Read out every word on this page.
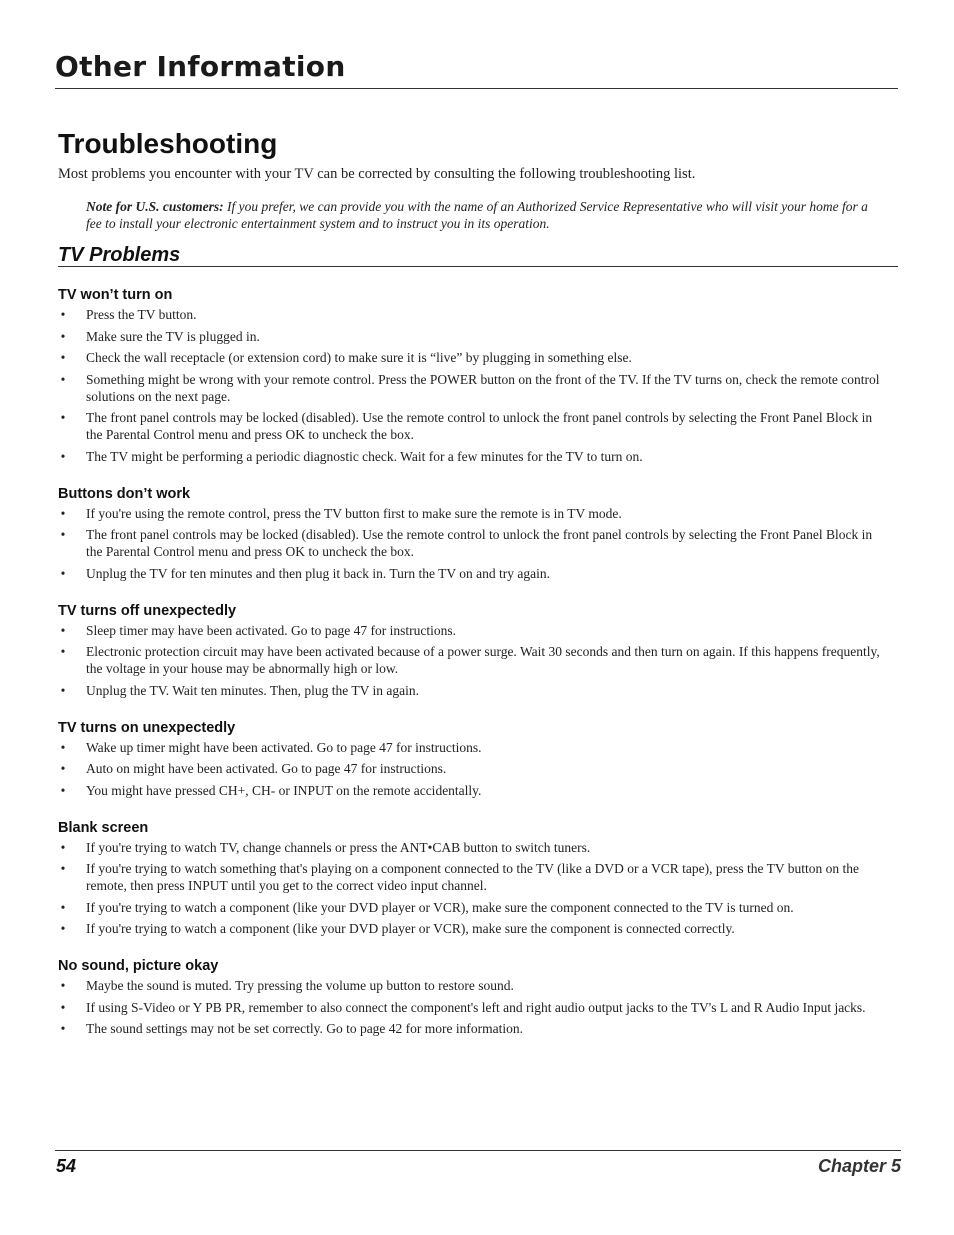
Other Information
Troubleshooting
Most problems you encounter with your TV can be corrected by consulting the following troubleshooting list.
Note for U.S. customers: If you prefer, we can provide you with the name of an Authorized Service Representative who will visit your home for a fee to install your electronic entertainment system and to instruct you in its operation.
TV Problems
TV won’t turn on
• Press the TV button.
• Make sure the TV is plugged in.
• Check the wall receptacle (or extension cord) to make sure it is “live” by plugging in something else.
• Something might be wrong with your remote control. Press the POWER button on the front of the TV. If the TV turns on, check the remote control solutions on the next page.
• The front panel controls may be locked (disabled). Use the remote control to unlock the front panel controls by selecting the Front Panel Block in the Parental Control menu and press OK to uncheck the box.
• The TV might be performing a periodic diagnostic check. Wait for a few minutes for the TV to turn on.
Buttons don’t work
• If you're using the remote control, press the TV button first to make sure the remote is in TV mode.
• The front panel controls may be locked (disabled). Use the remote control to unlock the front panel controls by selecting the Front Panel Block in the Parental Control menu and press OK to uncheck the box.
• Unplug the TV for ten minutes and then plug it back in. Turn the TV on and try again.
TV turns off unexpectedly
• Sleep timer may have been activated. Go to page 47 for instructions.
• Electronic protection circuit may have been activated because of a power surge. Wait 30 seconds and then turn on again. If this happens frequently, the voltage in your house may be abnormally high or low.
• Unplug the TV. Wait ten minutes. Then, plug the TV in again.
TV turns on unexpectedly
• Wake up timer might have been activated. Go to page 47 for instructions.
• Auto on might have been activated. Go to page 47 for instructions.
• You might have pressed CH+, CH- or INPUT on the remote accidentally.
Blank screen
• If you're trying to watch TV, change channels or press the ANT•CAB button to switch tuners.
• If you're trying to watch something that's playing on a component connected to the TV (like a DVD or a VCR tape), press the TV button on the remote, then press INPUT until you get to the correct video input channel.
• If you're trying to watch a component (like your DVD player or VCR), make sure the component connected to the TV is turned on.
• If you're trying to watch a component (like your DVD player or VCR), make sure the component is connected correctly.
No sound, picture okay
• Maybe the sound is muted. Try pressing the volume up button to restore sound.
• If using S-Video or Y PB PR, remember to also connect the component's left and right audio output jacks to the TV's L and R Audio Input jacks.
• The sound settings may not be set correctly. Go to page 42 for more information.
54	Chapter 5
